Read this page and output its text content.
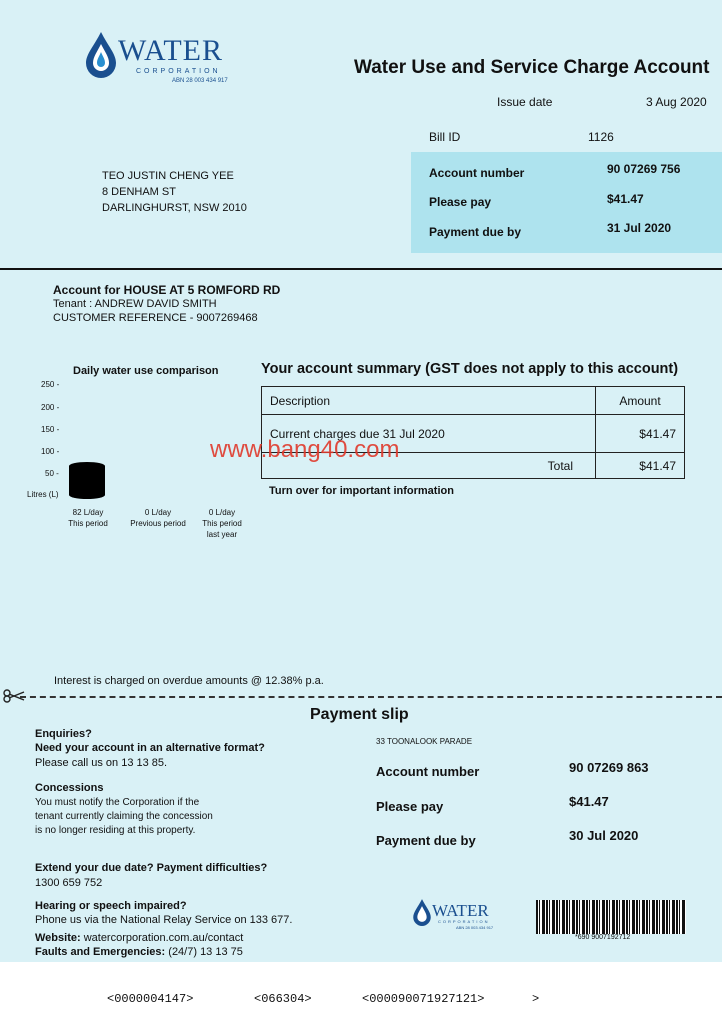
WATER
CORPORATION
ABN 28 003 434 917
Water Use and Service Charge Account
Issue date	3 Aug 2020
Bill ID	1126
TEO JUSTIN CHENG YEE
8 DENHAM ST
DARLINGHURST, NSW 2010
Account number	90 07269 756
Please pay	$41.47
Payment due by	31 Jul 2020
Account for HOUSE AT 5 ROMFORD RD
Tenant : ANDREW DAVID SMITH
CUSTOMER REFERENCE - 9007269468
Daily water use comparison
250 -
200 -
150 -
100 -
50 -
Litres (L)
82 L/day
This period
0 L/day
Previous period
0 L/day
This period
last year
Your account summary (GST does not apply to this account)
Description	Amount
Current charges due 31 Jul 2020	$41.47
Total	$41.47
Turn over for important information
www.bang40.com
Interest is charged on overdue amounts @ 12.38% p.a.
Payment slip
Enquiries?
Need your account in an alternative format?
Please call us on 13 13 85.
Concessions
You must notify the Corporation if the
tenant currently claiming the concession
is no longer residing at this property.
Extend your due date? Payment difficulties?
1300 659 752
Hearing or speech impaired?
Phone us via the National Relay Service on 133 677.
Website: watercorporation.com.au/contact
Faults and Emergencies: (24/7) 13 13 75
33 TOONALOOK PARADE
Account number	90 07269 863
Please pay	$41.47
Payment due by	30 Jul 2020
WATER
CORPORATION
ABN 28 003 434 917
*690 9007192712
<0000004147>	<066304>	<000090071927121>	>
